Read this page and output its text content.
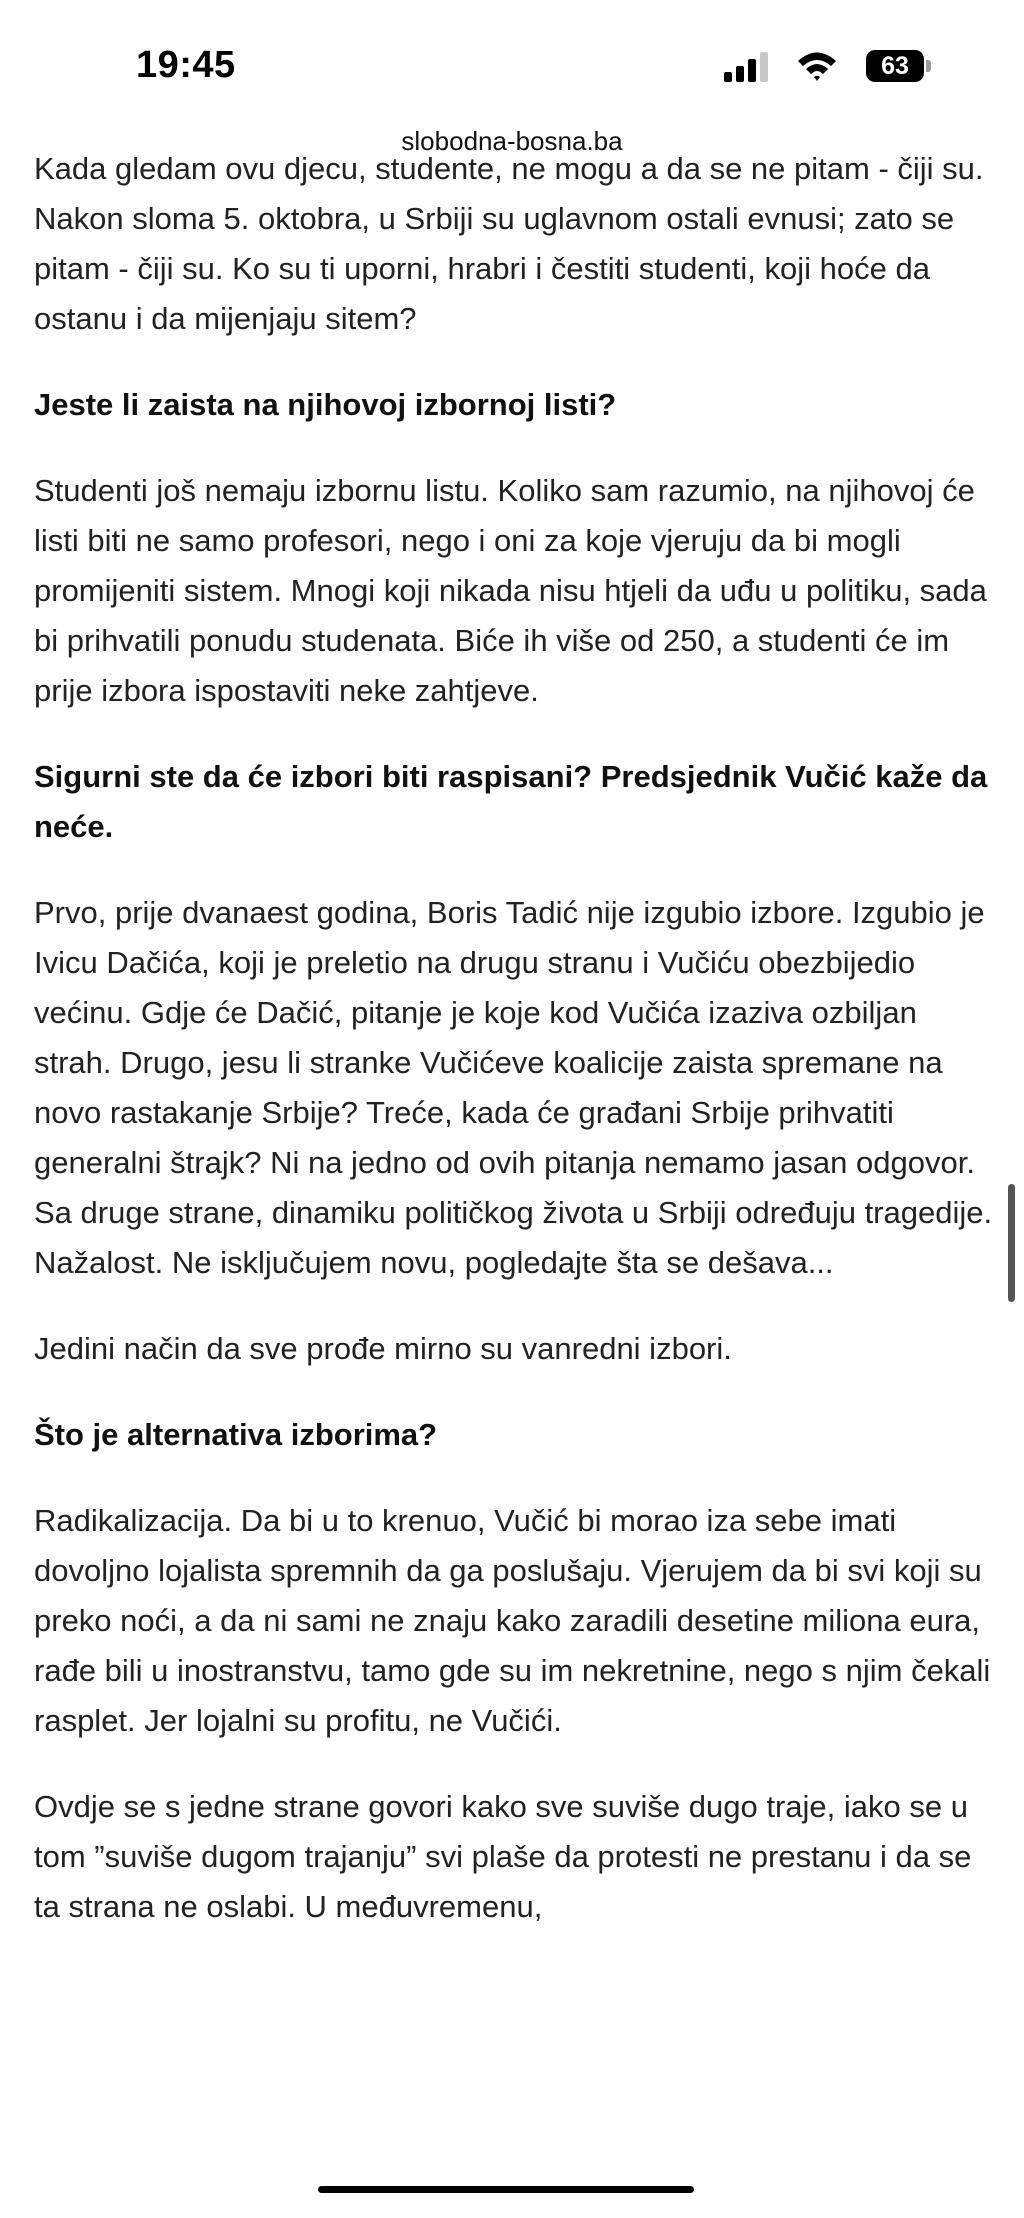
19:45	63
slobodna-bosna.ba

Kada gledam ovu djecu, studente, ne mogu a da se ne pitam - čiji su. Nakon sloma 5. oktobra, u Srbiji su uglavnom ostali evnusi; zato se pitam - čiji su. Ko su ti uporni, hrabri i čestiti studenti, koji hoće da ostanu i da mijenjaju sitem?

Jeste li zaista na njihovoj izbornoj listi?

Studenti još nemaju izbornu listu. Koliko sam razumio, na njihovoj će listi biti ne samo profesori, nego i oni za koje vjeruju da bi mogli promijeniti sistem. Mnogi koji nikada nisu htjeli da uđu u politiku, sada bi prihvatili ponudu studenata. Biće ih više od 250, a studenti će im prije izbora ispostaviti neke zahtjeve.

Sigurni ste da će izbori biti raspisani? Predsjednik Vučić kaže da neće.

Prvo, prije dvanaest godina, Boris Tadić nije izgubio izbore. Izgubio je Ivicu Dačića, koji je preletio na drugu stranu i Vučiću obezbijedio većinu. Gdje će Dačić, pitanje je koje kod Vučića izaziva ozbiljan strah. Drugo, jesu li stranke Vučićeve koalicije zaista spremane na novo rastakanje Srbije? Treće, kada će građani Srbije prihvatiti generalni štrajk? Ni na jedno od ovih pitanja nemamo jasan odgovor. Sa druge strane, dinamiku političkog života u Srbiji određuju tragedije. Nažalost. Ne isključujem novu, pogledajte šta se dešava...

Jedini način da sve prođe mirno su vanredni izbori.

Što je alternativa izborima?

Radikalizacija. Da bi u to krenuo, Vučić bi morao iza sebe imati dovoljno lojalista spremnih da ga poslušaju. Vjerujem da bi svi koji su preko noći, a da ni sami ne znaju kako zaradili desetine miliona eura, rađe bili u inostranstvu, tamo gde su im nekretnine, nego s njim čekali rasplet. Jer lojalni su profitu, ne Vučići.

Ovdje se s jedne strane govori kako sve suviše dugo traje, iako se u tom ”suviše dugom trajanju” svi plaše da protesti ne prestanu i da se ta strana ne oslabi. U međuvremenu,
